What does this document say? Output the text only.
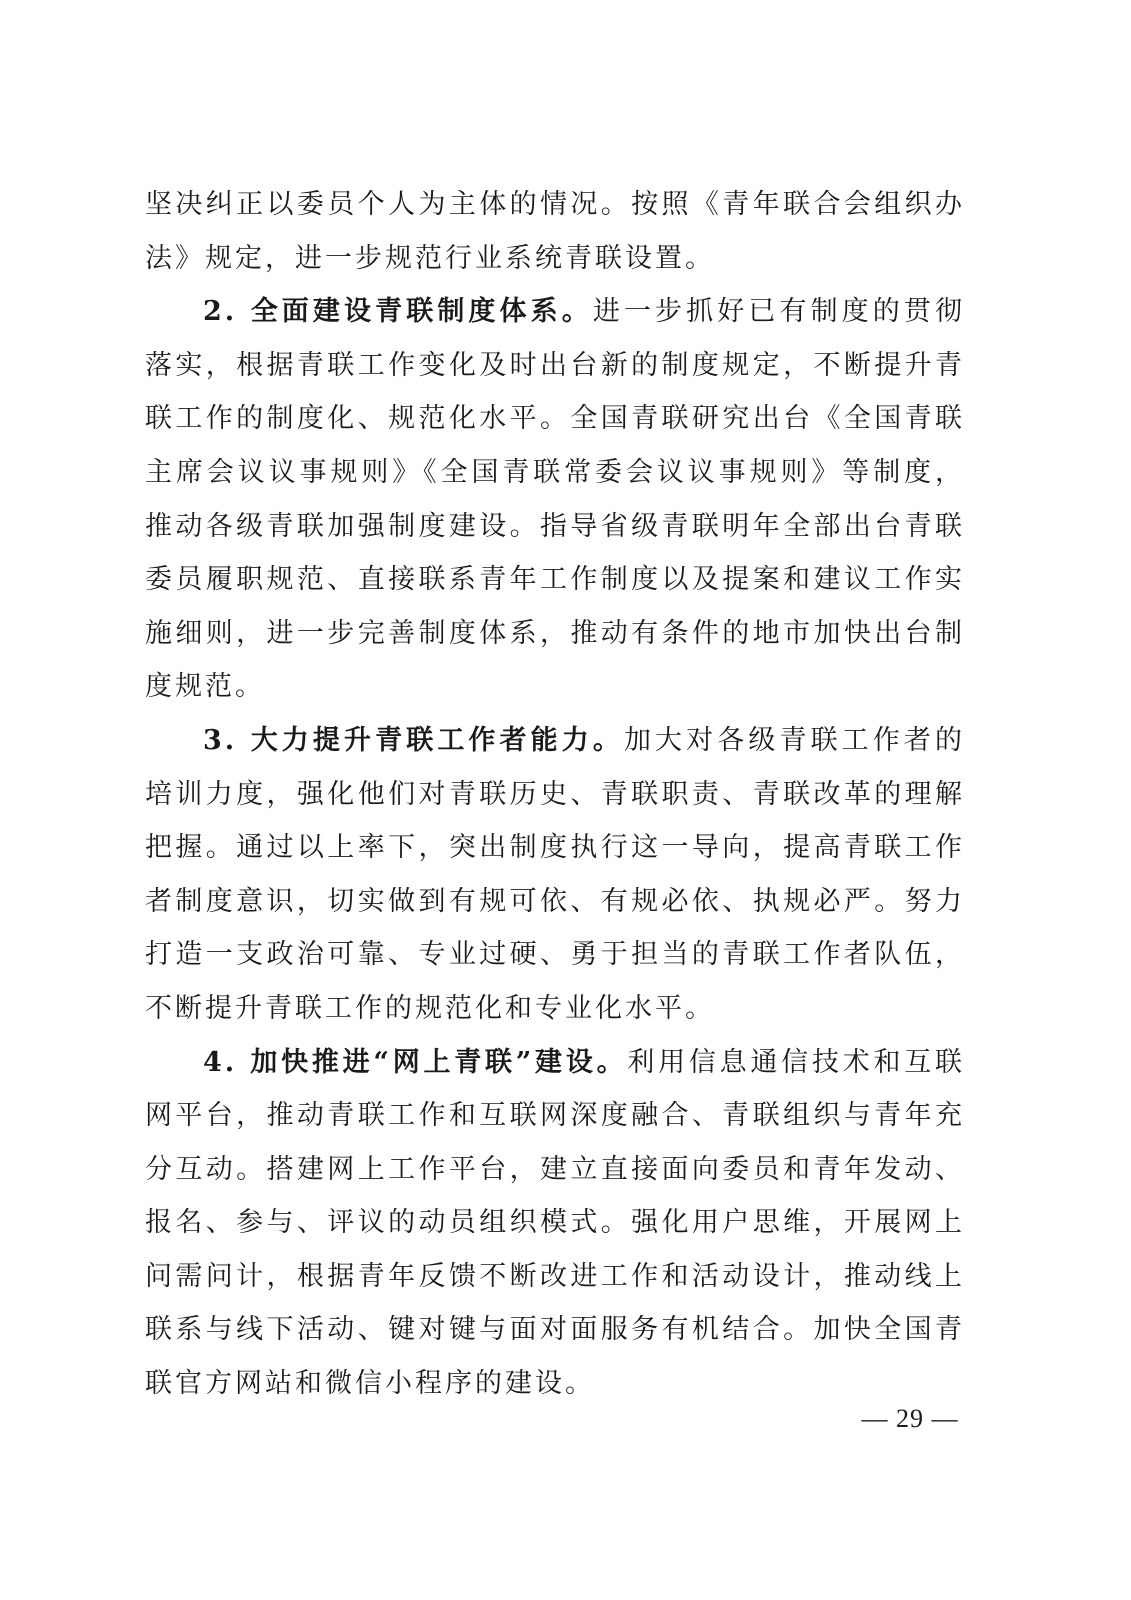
坚决纠正以委员个人为主体的情况。按照《青年联合会组织办法》规定，进一步规范行业系统青联设置。

2. 全面建设青联制度体系。进一步抓好已有制度的贯彻落实，根据青联工作变化及时出台新的制度规定，不断提升青联工作的制度化、规范化水平。全国青联研究出台《全国青联主席会议议事规则》《全国青联常委会议议事规则》等制度，推动各级青联加强制度建设。指导省级青联明年全部出台青联委员履职规范、直接联系青年工作制度以及提案和建议工作实施细则，进一步完善制度体系，推动有条件的地市加快出台制度规范。

3. 大力提升青联工作者能力。加大对各级青联工作者的培训力度，强化他们对青联历史、青联职责、青联改革的理解把握。通过以上率下，突出制度执行这一导向，提高青联工作者制度意识，切实做到有规可依、有规必依、执规必严。努力打造一支政治可靠、专业过硬、勇于担当的青联工作者队伍，不断提升青联工作的规范化和专业化水平。

4. 加快推进“网上青联”建设。利用信息通信技术和互联网平台，推动青联工作和互联网深度融合、青联组织与青年充分互动。搭建网上工作平台，建立直接面向委员和青年发动、报名、参与、评议的动员组织模式。强化用户思维，开展网上问需问计，根据青年反馈不断改进工作和活动设计，推动线上联系与线下活动、键对键与面对面服务有机结合。加快全国青联官方网站和微信小程序的建设。

— 29 —
